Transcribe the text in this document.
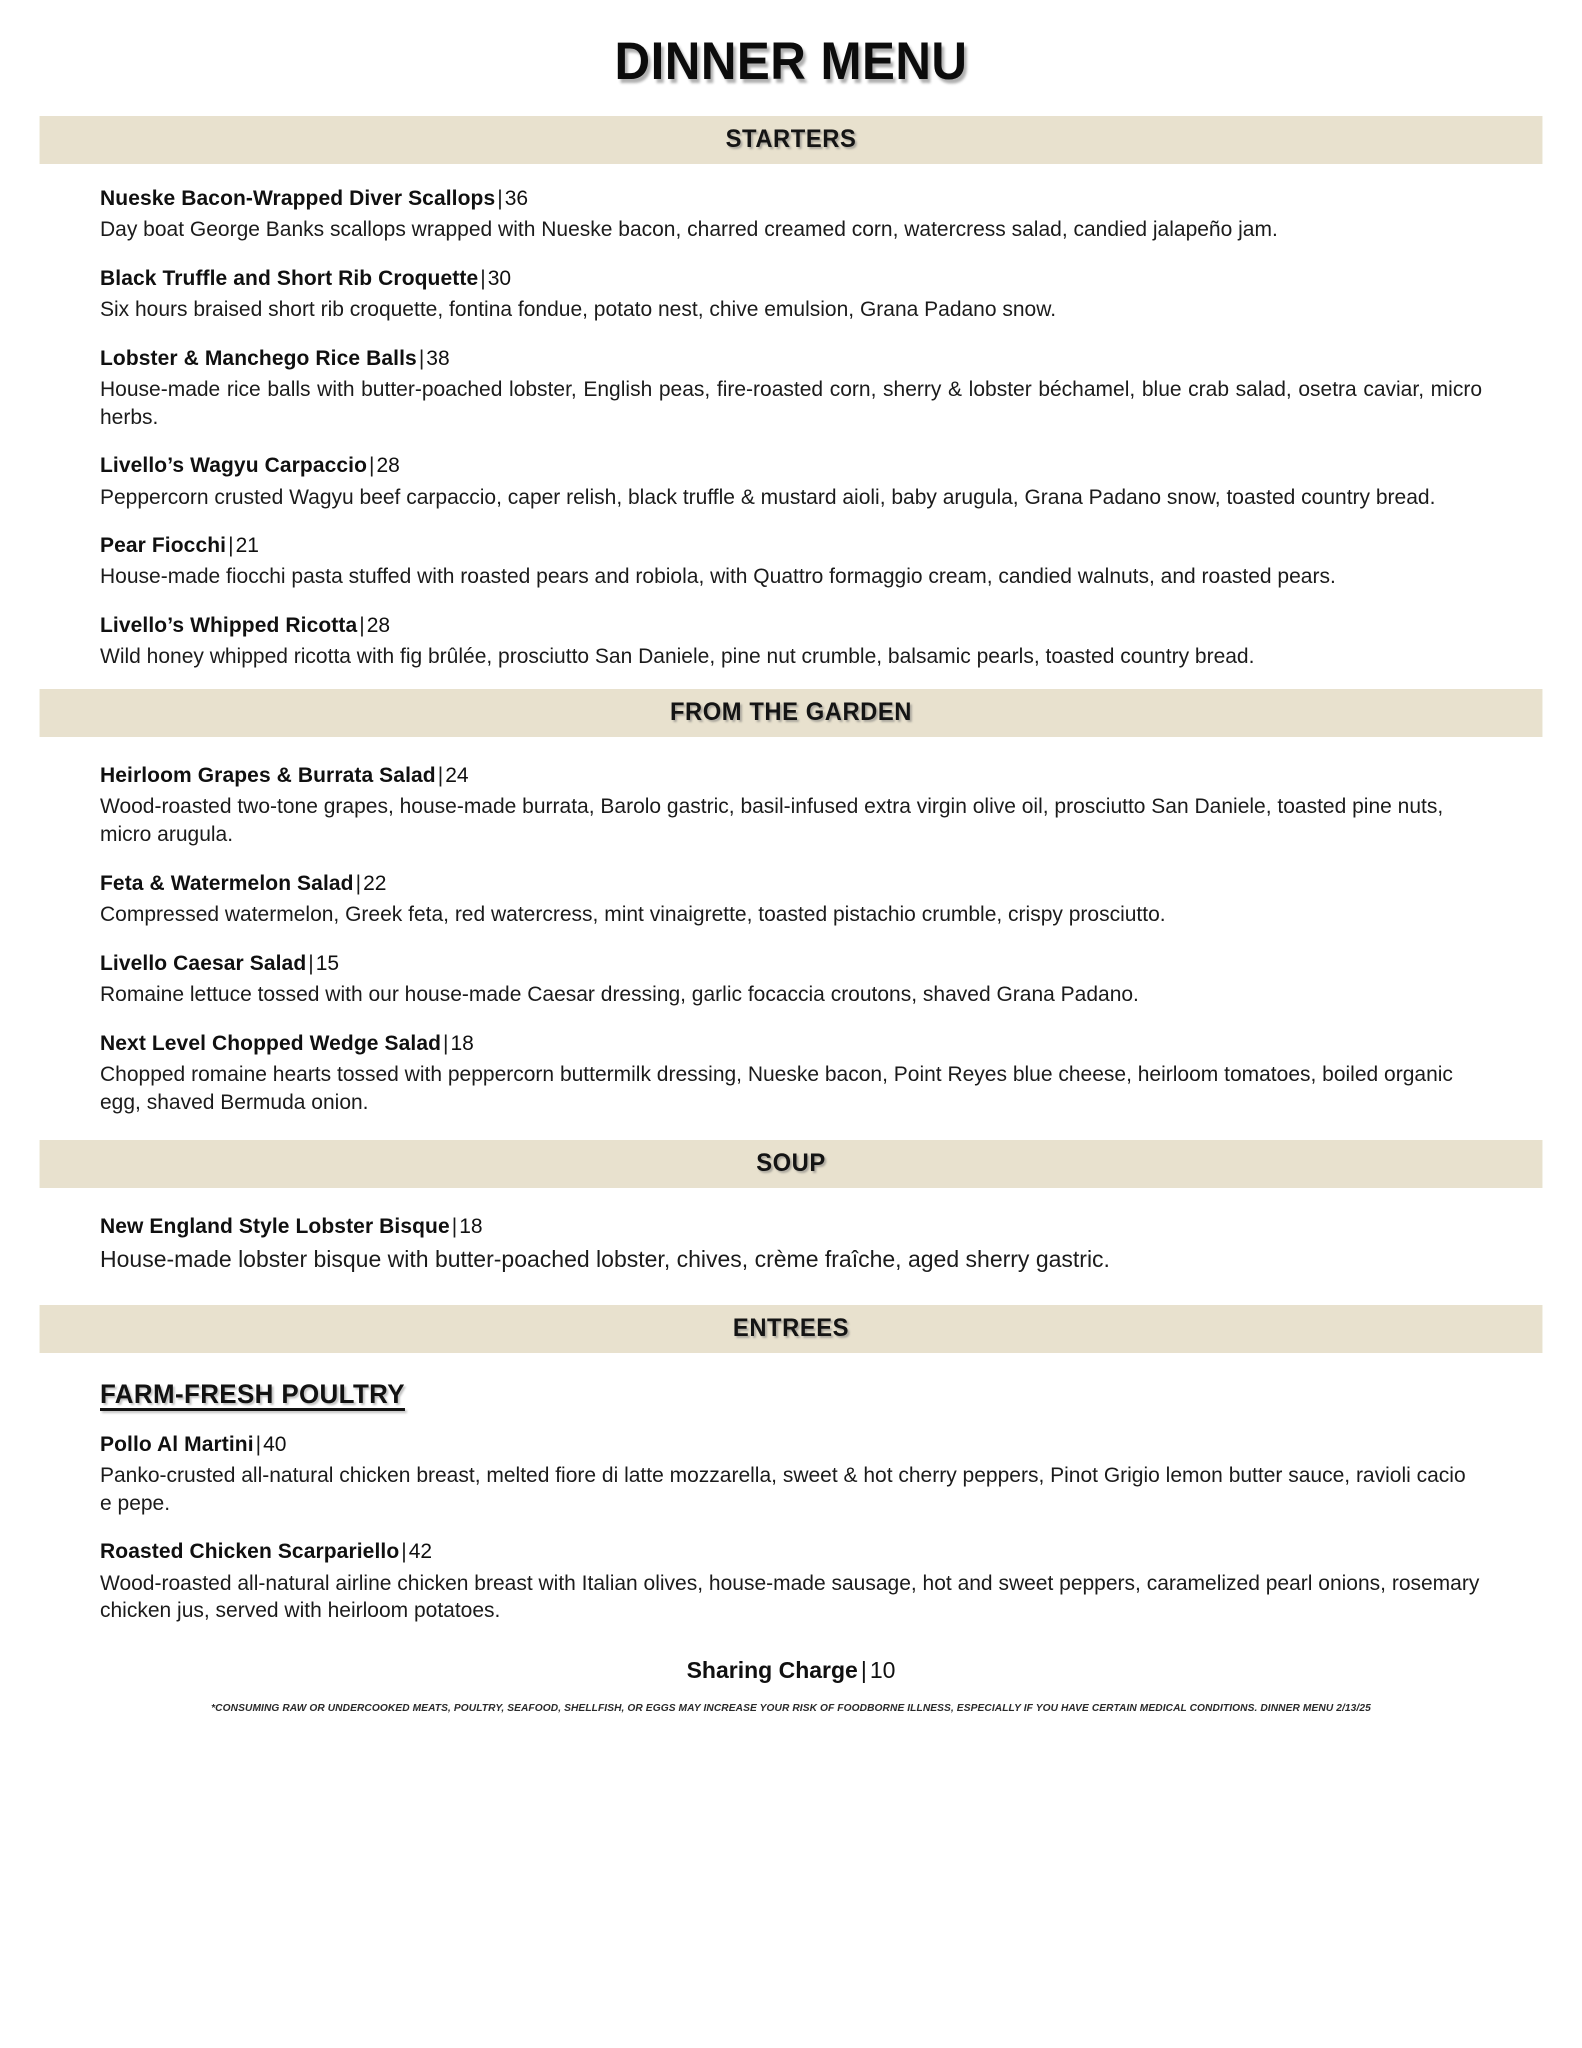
DINNER MENU
STARTERS
Nueske Bacon-Wrapped Diver Scallops|36

Day boat George Banks scallops wrapped with Nueske bacon, charred creamed corn, watercress salad, candied jalapeño jam.

Black Truffle and Short Rib Croquette|30

Six hours braised short rib croquette, fontina fondue, potato nest, chive emulsion, Grana Padano snow.

Lobster & Manchego Rice Balls|38

House-made rice balls with butter-poached lobster, English peas, fire-roasted corn, sherry & lobster béchamel, blue crab salad, osetra caviar, micro herbs.

Livello’s Wagyu Carpaccio|28

Peppercorn crusted Wagyu beef carpaccio, caper relish, black truffle & mustard aioli, baby arugula, Grana Padano snow, toasted country bread.

Pear Fiocchi|21

House-made fiocchi pasta stuffed with roasted pears and robiola, with Quattro formaggio cream, candied walnuts, and roasted pears.

Livello’s Whipped Ricotta|28

Wild honey whipped ricotta with fig brûlée, prosciutto San Daniele, pine nut crumble, balsamic pearls, toasted country bread.

FROM THE GARDEN
Heirloom Grapes & Burrata Salad|24

Wood-roasted two-tone grapes, house-made burrata, Barolo gastric, basil-infused extra virgin olive oil, prosciutto San Daniele, toasted pine nuts, micro arugula.

Feta & Watermelon Salad|22

Compressed watermelon, Greek feta, red watercress, mint vinaigrette, toasted pistachio crumble, crispy prosciutto.

Livello Caesar Salad|15

Romaine lettuce tossed with our house-made Caesar dressing, garlic focaccia croutons, shaved Grana Padano.

Next Level Chopped Wedge Salad|18

Chopped romaine hearts tossed with peppercorn buttermilk dressing, Nueske bacon, Point Reyes blue cheese, heirloom tomatoes, boiled organic egg, shaved Bermuda onion.

SOUP
New England Style Lobster Bisque|18

House-made lobster bisque with butter-poached lobster, chives, crème fraîche, aged sherry gastric.

ENTREES
FARM-FRESH POULTRY
Pollo Al Martini|40

Panko-crusted all-natural chicken breast, melted fiore di latte mozzarella, sweet & hot cherry peppers, Pinot Grigio lemon butter sauce, ravioli cacio e pepe.

Roasted Chicken Scarpariello|42

Wood-roasted all-natural airline chicken breast with Italian olives, house-made sausage, hot and sweet peppers, caramelized pearl onions, rosemary chicken jus, served with heirloom potatoes.

Sharing Charge | 10
*CONSUMING RAW OR UNDERCOOKED MEATS, POULTRY, SEAFOOD, SHELLFISH, OR EGGS MAY INCREASE YOUR RISK OF FOODBORNE ILLNESS, ESPECIALLY IF YOU HAVE CERTAIN MEDICAL CONDITIONS. DINNER MENU 2/13/25
